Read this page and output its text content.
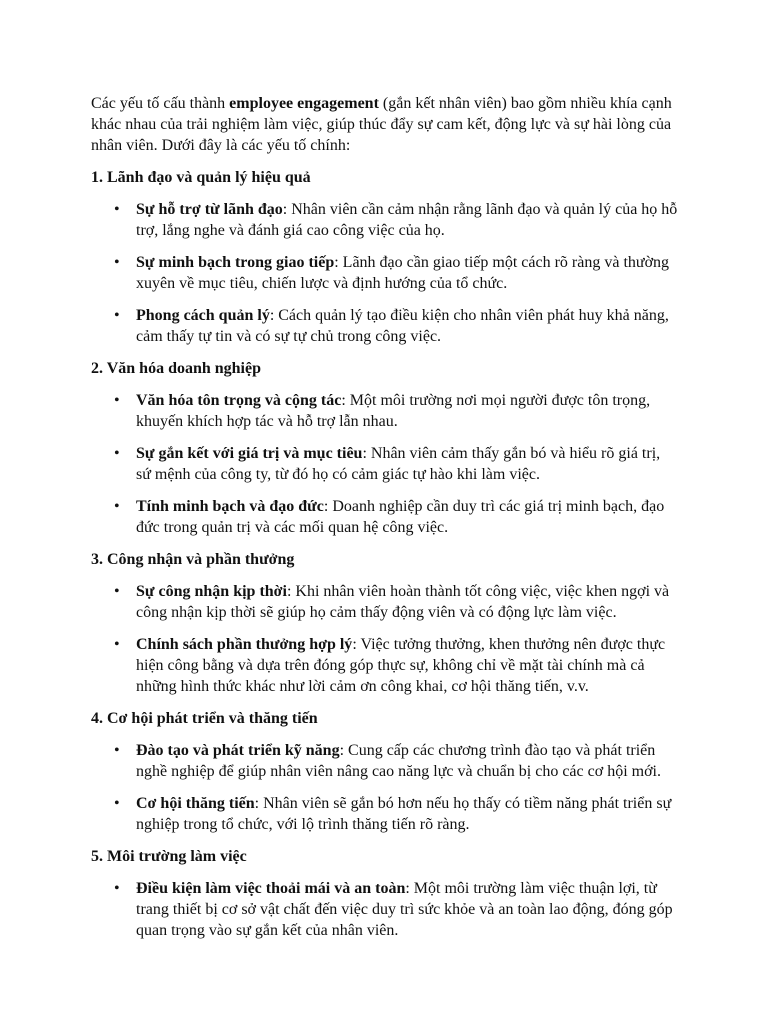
Các yếu tố cấu thành employee engagement (gắn kết nhân viên) bao gồm nhiều khía cạnh khác nhau của trải nghiệm làm việc, giúp thúc đẩy sự cam kết, động lực và sự hài lòng của nhân viên. Dưới đây là các yếu tố chính:

1. Lãnh đạo và quản lý hiệu quả
• Sự hỗ trợ từ lãnh đạo: Nhân viên cần cảm nhận rằng lãnh đạo và quản lý của họ hỗ trợ, lắng nghe và đánh giá cao công việc của họ.
• Sự minh bạch trong giao tiếp: Lãnh đạo cần giao tiếp một cách rõ ràng và thường xuyên về mục tiêu, chiến lược và định hướng của tổ chức.
• Phong cách quản lý: Cách quản lý tạo điều kiện cho nhân viên phát huy khả năng, cảm thấy tự tin và có sự tự chủ trong công việc.
2. Văn hóa doanh nghiệp
• Văn hóa tôn trọng và cộng tác: Một môi trường nơi mọi người được tôn trọng, khuyến khích hợp tác và hỗ trợ lẫn nhau.
• Sự gắn kết với giá trị và mục tiêu: Nhân viên cảm thấy gắn bó và hiểu rõ giá trị, sứ mệnh của công ty, từ đó họ có cảm giác tự hào khi làm việc.
• Tính minh bạch và đạo đức: Doanh nghiệp cần duy trì các giá trị minh bạch, đạo đức trong quản trị và các mối quan hệ công việc.
3. Công nhận và phần thưởng
• Sự công nhận kịp thời: Khi nhân viên hoàn thành tốt công việc, việc khen ngợi và công nhận kịp thời sẽ giúp họ cảm thấy động viên và có động lực làm việc.
• Chính sách phần thưởng hợp lý: Việc tưởng thưởng, khen thưởng nên được thực hiện công bằng và dựa trên đóng góp thực sự, không chỉ về mặt tài chính mà cả những hình thức khác như lời cảm ơn công khai, cơ hội thăng tiến, v.v.
4. Cơ hội phát triển và thăng tiến
• Đào tạo và phát triển kỹ năng: Cung cấp các chương trình đào tạo và phát triển nghề nghiệp để giúp nhân viên nâng cao năng lực và chuẩn bị cho các cơ hội mới.
• Cơ hội thăng tiến: Nhân viên sẽ gắn bó hơn nếu họ thấy có tiềm năng phát triển sự nghiệp trong tổ chức, với lộ trình thăng tiến rõ ràng.
5. Môi trường làm việc
• Điều kiện làm việc thoải mái và an toàn: Một môi trường làm việc thuận lợi, từ trang thiết bị cơ sở vật chất đến việc duy trì sức khỏe và an toàn lao động, đóng góp quan trọng vào sự gắn kết của nhân viên.
